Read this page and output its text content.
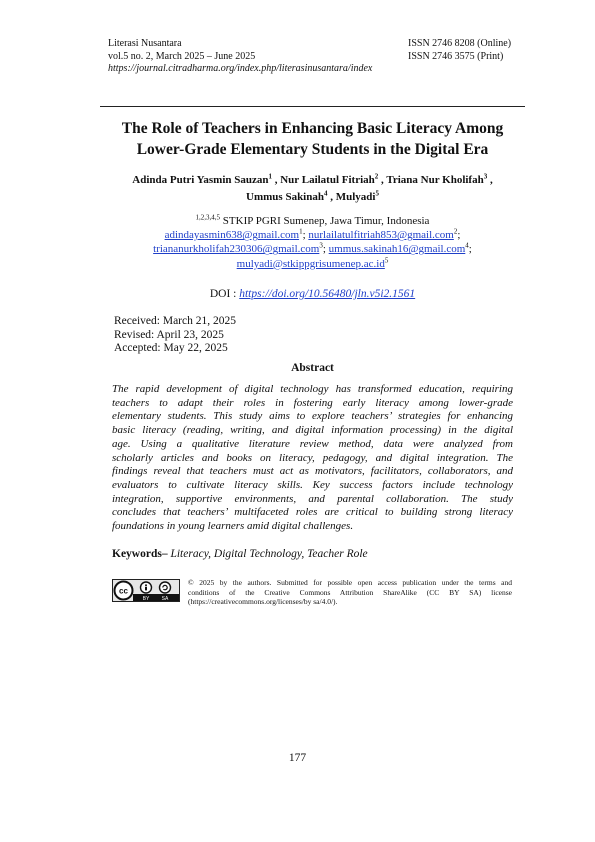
Literasi Nusantara
vol.5 no. 2, March 2025 – June 2025
https://journal.citradharma.org/index.php/literasinusantara/index
ISSN 2746 8208 (Online)
ISSN 2746 3575 (Print)
The Role of Teachers in Enhancing Basic Literacy Among
Lower-Grade Elementary Students in the Digital Era
Adinda Putri Yasmin Sauzan$^1$ , Nur Lailatul Fitriah$^2$ , Triana Nur Kholifah$^3$ ,
Ummus Sakinah$^4$ , Mulyadi$^5$
$^{1,2,3,4,5}$ STKIP PGRI Sumenep, Jawa Timur, Indonesia
adindayasmin638@gmail.com$^1$; nurlailatulfitriah853@gmail.com$^2$;
triananurkholifah230306@gmail.com$^3$; ummus.sakinah16@gmail.com$^4$;
$mulyadi@stkippgrisumenep.ac.id^5$
DOI : https://doi.org/10.56480/jln.v5i2.1561
Received: March 21, 2025
Revised: April 23, 2025
Accepted: May 22, 2025
Abstract
The rapid development of digital technology has transformed education, requiring
teachers to adapt their roles in fostering early literacy among lower-grade
elementary students. This study aims to explore teachers’ strategies for enhancing
basic literacy (reading, writing, and digital information processing) in the digital
age. Using a qualitative literature review method, data were analyzed from
scholarly articles and books on literacy, pedagogy, and digital integration. The
findings reveal that teachers must act as motivators, facilitators, collaborators, and
evaluators to cultivate literacy skills. Key success factors include technology
integration, supportive environments, and parental collaboration. The study
concludes that teachers’ multifaceted roles are critical to building strong literacy
foundations in young learners amid digital challenges.
Keywords– Literacy, Digital Technology, Teacher Role
cc
BY SA
© 2025 by the authors. Submitted for possible open access publication under the terms and
conditions of the Creative Commons Attribution ShareAlike (CC BY SA) license
(https://creativecommons.org/licenses/by sa/4.0/).
177
